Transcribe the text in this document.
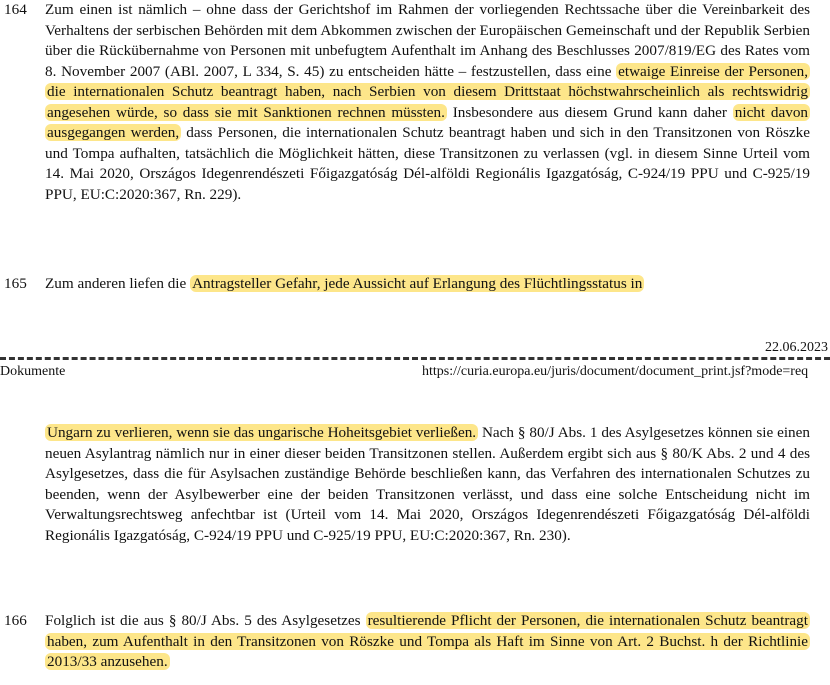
164	Zum einen ist nämlich – ohne dass der Gerichtshof im Rahmen der vorliegenden Rechtssache über die Vereinbarkeit des Verhaltens der serbischen Behörden mit dem Abkommen zwischen der Europäischen Gemeinschaft und der Republik Serbien über die Rückübernahme von Personen mit unbefugtem Aufenthalt im Anhang des Beschlusses 2007/819/EG des Rates vom 8. November 2007 (ABl. 2007, L 334, S. 45) zu entscheiden hätte – festzustellen, dass eine etwaige Einreise der Personen, die internationalen Schutz beantragt haben, nach Serbien von diesem Drittstaat höchstwahrscheinlich als rechtswidrig angesehen würde, so dass sie mit Sanktionen rechnen müssten. Insbesondere aus diesem Grund kann daher nicht davon ausgegangen werden, dass Personen, die internationalen Schutz beantragt haben und sich in den Transitzonen von Röszke und Tompa aufhalten, tatsächlich die Möglichkeit hätten, diese Transitzonen zu verlassen (vgl. in diesem Sinne Urteil vom 14. Mai 2020, Országos Idegenrendészeti Főigazgatóság Dél-alföldi Regionális Igazgatóság, C-924/19 PPU und C-925/19 PPU, EU:C:2020:367, Rn. 229).
165	Zum anderen liefen die Antragsteller Gefahr, jede Aussicht auf Erlangung des Flüchtlingsstatus in
22.06.2023
Dokumente	https://curia.europa.eu/juris/document/document_print.jsf?mode=req
Ungarn zu verlieren, wenn sie das ungarische Hoheitsgebiet verließen. Nach § 80/J Abs. 1 des Asylgesetzes können sie einen neuen Asylantrag nämlich nur in einer dieser beiden Transitzonen stellen. Außerdem ergibt sich aus § 80/K Abs. 2 und 4 des Asylgesetzes, dass die für Asylsachen zuständige Behörde beschließen kann, das Verfahren des internationalen Schutzes zu beenden, wenn der Asylbewerber eine der beiden Transitzonen verlässt, und dass eine solche Entscheidung nicht im Verwaltungsrechtsweg anfechtbar ist (Urteil vom 14. Mai 2020, Országos Idegenrendészeti Főigazgatóság Dél-alföldi Regionális Igazgatóság, C-924/19 PPU und C-925/19 PPU, EU:C:2020:367, Rn. 230).
166	Folglich ist die aus § 80/J Abs. 5 des Asylgesetzes resultierende Pflicht der Personen, die internationalen Schutz beantragt haben, zum Aufenthalt in den Transitzonen von Röszke und Tompa als Haft im Sinne von Art. 2 Buchst. h der Richtlinie 2013/33 anzusehen.
